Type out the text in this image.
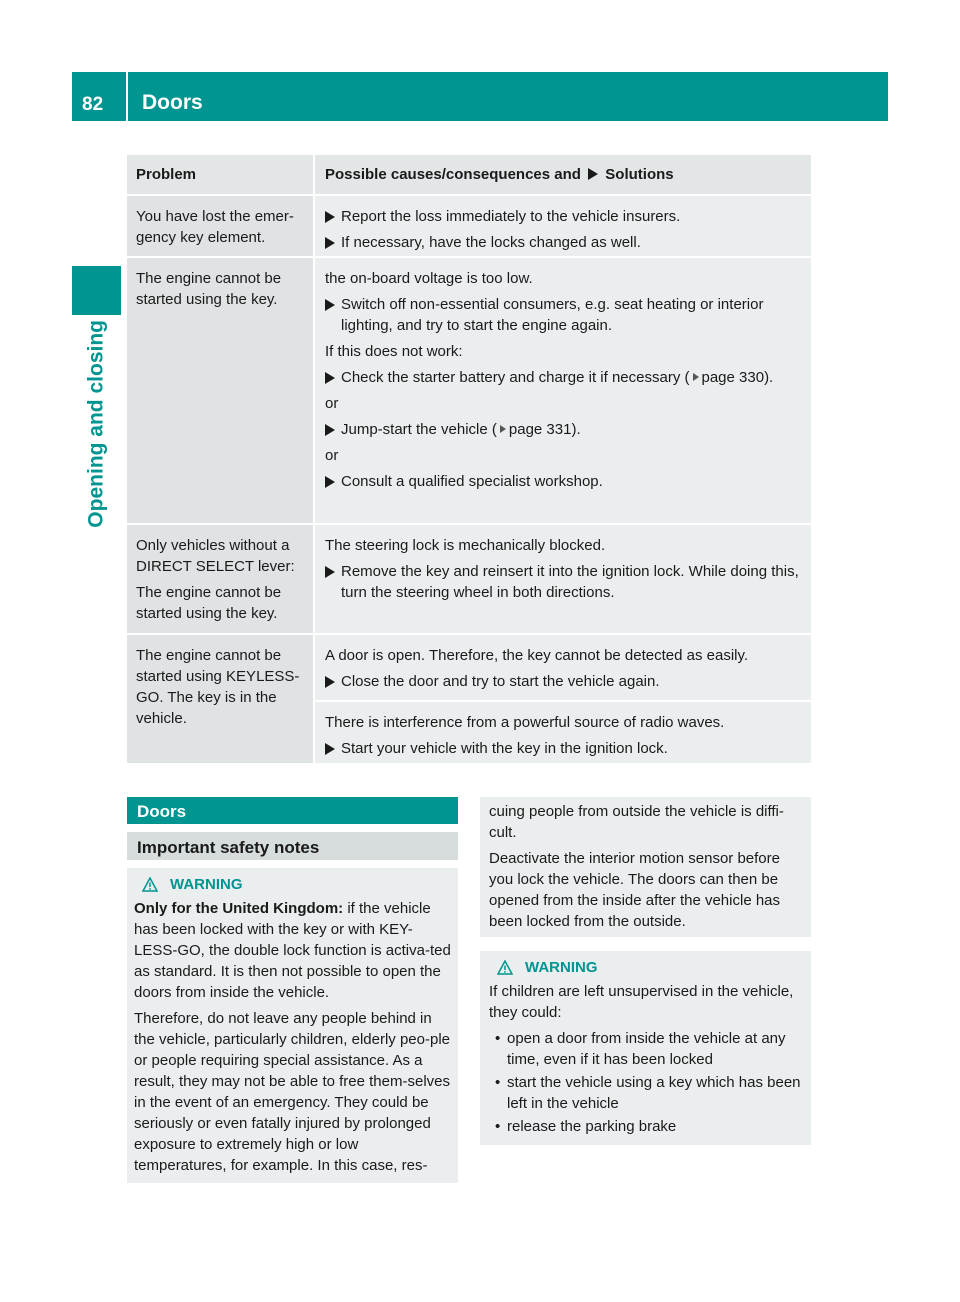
82 Doors
Opening and closing
Problem	Possible causes/consequences and Solutions
You have lost the emer-gency key element.
Report the loss immediately to the vehicle insurers.
If necessary, have the locks changed as well.
The engine cannot be started using the key.
the on-board voltage is too low.
Switch off non-essential consumers, e.g. seat heating or interior lighting, and try to start the engine again.
If this does not work:
Check the starter battery and charge it if necessary ( page 330).
or
Jump-start the vehicle ( page 331).
or
Consult a qualified specialist workshop.
Only vehicles without a DIRECT SELECT lever:
The engine cannot be started using the key.
The steering lock is mechanically blocked.
Remove the key and reinsert it into the ignition lock. While doing this, turn the steering wheel in both directions.
The engine cannot be started using KEYLESS-GO. The key is in the vehicle.
A door is open. Therefore, the key cannot be detected as easily.
Close the door and try to start the vehicle again.
There is interference from a powerful source of radio waves.
Start your vehicle with the key in the ignition lock.
Doors
Important safety notes
WARNING
Only for the United Kingdom: if the vehicle has been locked with the key or with KEY-LESS-GO, the double lock function is activa-ted as standard. It is then not possible to open the doors from inside the vehicle.
Therefore, do not leave any people behind in the vehicle, particularly children, elderly peo-ple or people requiring special assistance. As a result, they may not be able to free them-selves in the event of an emergency. They could be seriously or even fatally injured by prolonged exposure to extremely high or low temperatures, for example. In this case, res-
cuing people from outside the vehicle is diffi-cult.
Deactivate the interior motion sensor before you lock the vehicle. The doors can then be opened from the inside after the vehicle has been locked from the outside.
WARNING
If children are left unsupervised in the vehicle, they could:
• open a door from inside the vehicle at any time, even if it has been locked
• start the vehicle using a key which has been left in the vehicle
• release the parking brake
